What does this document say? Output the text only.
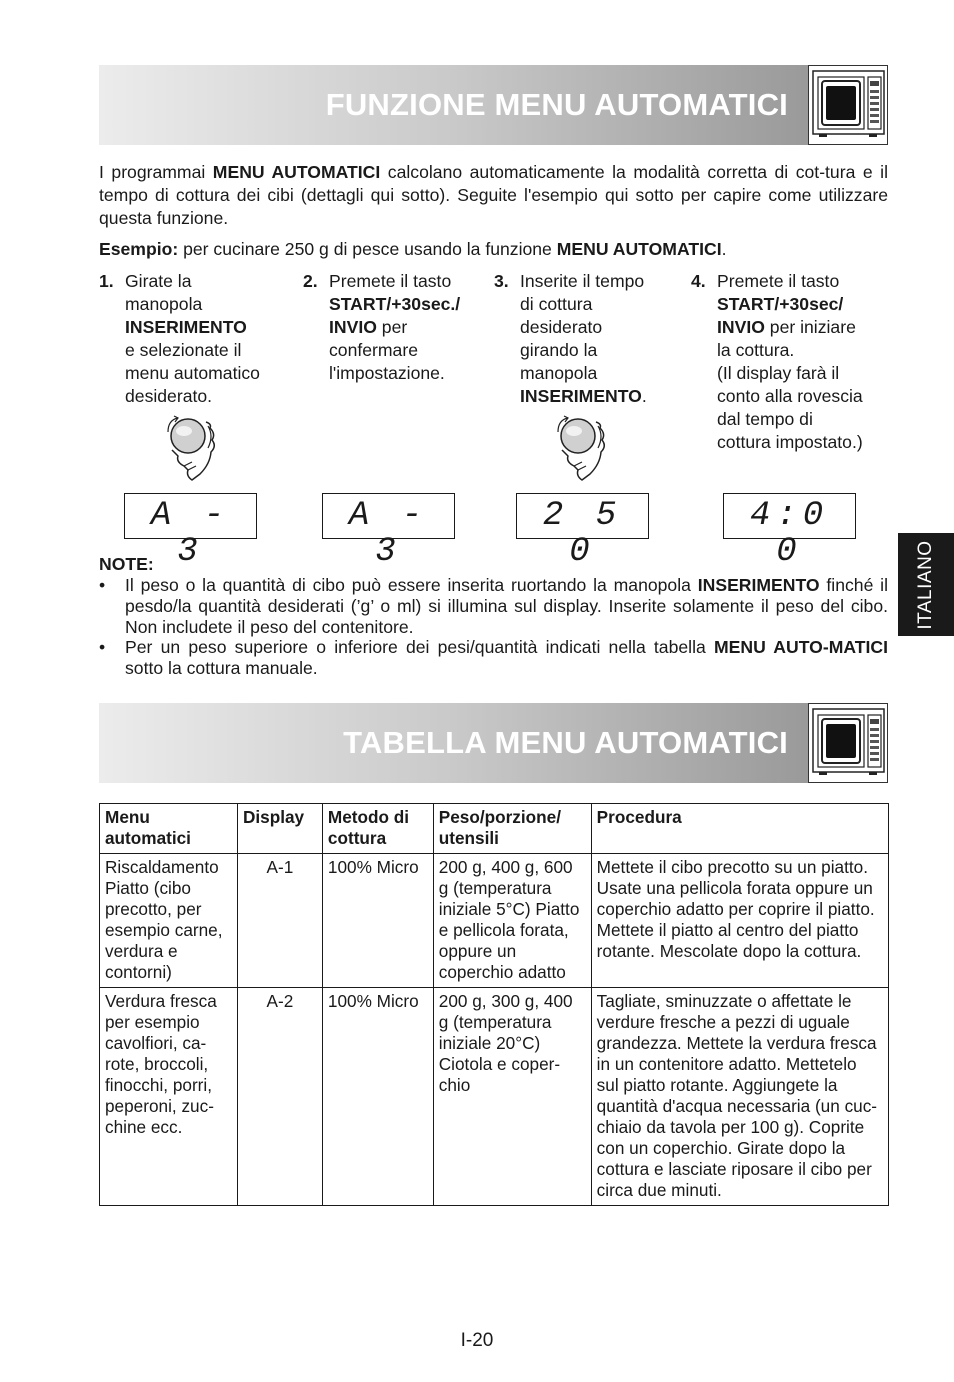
FUNZIONE MENU AUTOMATICI

I programmai MENU AUTOMATICI calcolano automaticamente la modalità corretta di cot-tura e il tempo di cottura dei cibi (dettagli qui sotto). Seguite l'esempio qui sotto per capire come utilizzare questa funzione.

Esempio: per cucinare 250 g di pesce usando la funzione MENU AUTOMATICI.

1. Girate la
manopola
INSERIMENTO
e selezionate il
menu automatico
desiderato.
2. Premete il tasto
START/+30sec./
INVIO per
confermare
l'impostazione.
3. Inserite il tempo
di cottura
desiderato
girando la
manopola
INSERIMENTO.
4. Premete il tasto
START/+30sec/
INVIO per iniziare
la cottura.
(Il display farà il
conto alla rovescia
dal tempo di
cottura impostato.)
A - 3
A - 3
2 5 0
4:0 0
NOTE:
• Il peso o la quantità di cibo può essere inserita ruortando la manopola INSERIMENTO finché il pesdo/la quantità desiderati (’g’ o ml) si illumina sul display. Inserite solamente il peso del cibo. Non includete il peso del contenitore.
• Per un peso superiore o inferiore dei pesi/quantità indicati nella tabella MENU AUTO-MATICI sotto la cottura manuale.
ITALIANO
TABELLA MENU AUTOMATICI
Menu automatici	Display	Metodo di cottura	Peso/porzione/ utensili	Procedura
Riscaldamento Piatto (cibo precotto, per esempio carne, verdura e contorni)	A-1	100% Micro	200 g, 400 g, 600 g (temperatura iniziale 5°C) Piatto e pellicola forata, oppure un coperchio adatto	Mettete il cibo precotto su un piatto. Usate una pellicola forata oppure un coperchio adatto per coprire il piatto. Mettete il piatto al centro del piatto rotante. Mescolate dopo la cottura.
Verdura fresca per esempio cavolfiori, ca-rote, broccoli, finocchi, porri, peperoni, zuc-chine ecc.	A-2	100% Micro	200 g, 300 g, 400 g (temperatura iniziale 20°C) Ciotola e coper-chio	Tagliate, sminuzzate o affettate le verdure fresche a pezzi di uguale grandezza. Mettete la verdura fresca in un contenitore adatto. Mettetelo sul piatto rotante. Aggiungete la quantità d'acqua necessaria (un cuc-chiaio da tavola per 100 g). Coprite con un coperchio. Girate dopo la cottura e lasciate riposare il cibo per circa due minuti.
I-20
